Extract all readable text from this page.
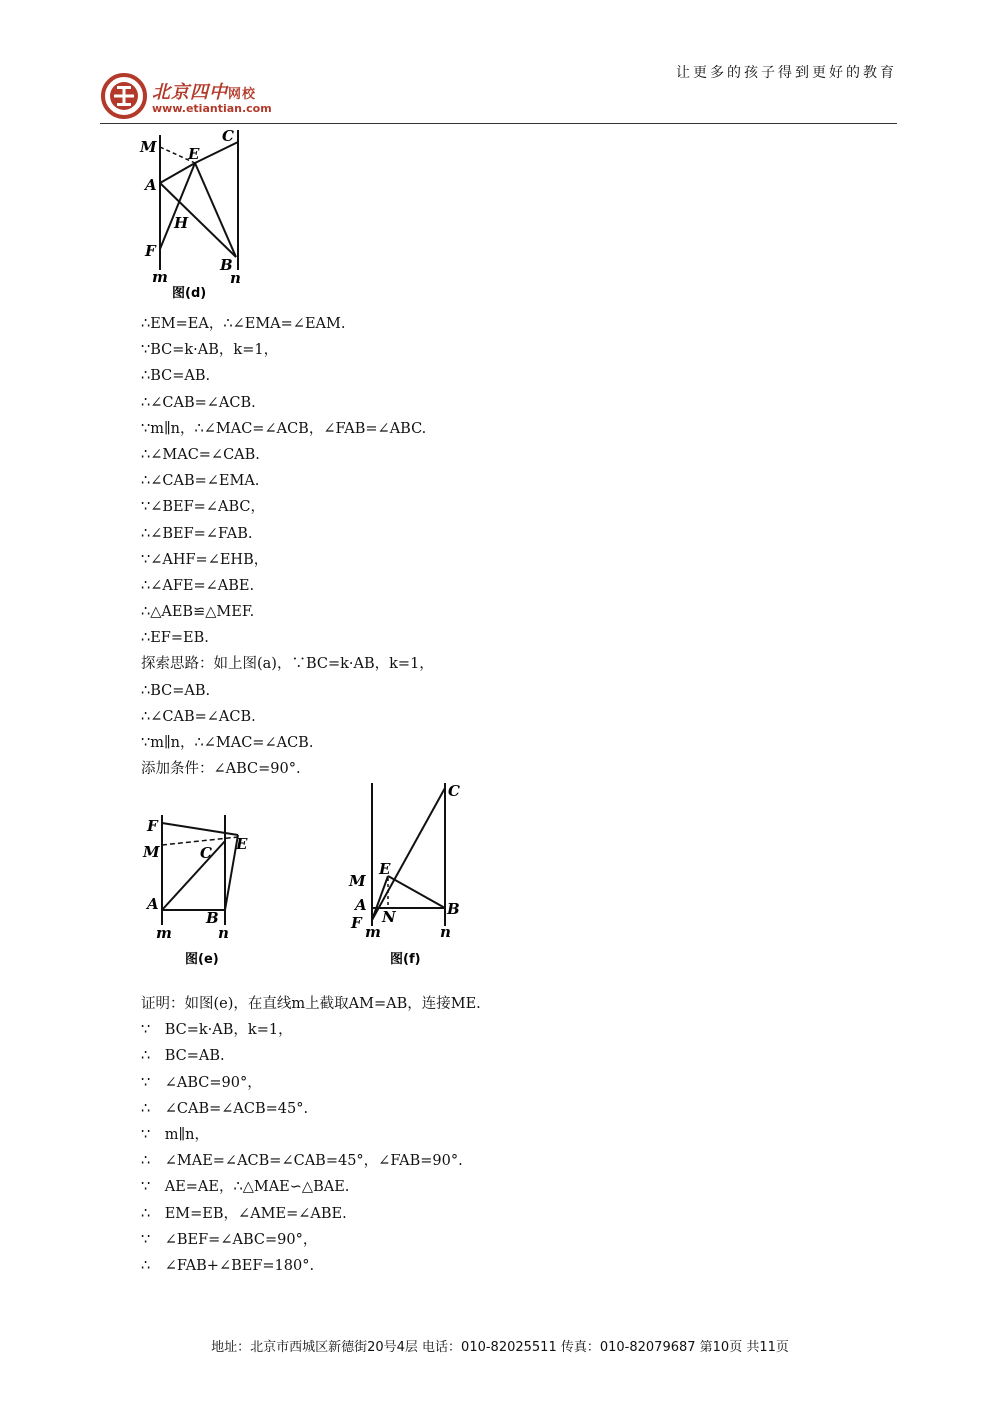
让更多的孩子得到更好的教育
北京四中网校
www.etiantian.com
M E
C
A
H
F
B
m	n
图(d)
∴EM=EA，∴∠EMA=∠EAM.
∵BC=k·AB，k=1，
∴BC=AB.
∴∠CAB=∠ACB.
∵m∥n，∴∠MAC=∠ACB，∠FAB=∠ABC.
∴∠MAC=∠CAB.
∴∠CAB=∠EMA.
∵∠BEF=∠ABC，
∴∠BEF=∠FAB.
∵∠AHF=∠EHB，
∴∠AFE=∠ABE.
∴△AEB≌△MEF.
∴EF=EB.
探索思路：如上图(a)，∵BC=k·AB，k=1，
∴BC=AB.
∴∠CAB=∠ACB.
∵m∥n，∴∠MAC=∠ACB.
添加条件：∠ABC=90°.
F
E
M	C
A
B
m	n
图(e)
C
E
M
A
N	B
F m	n
图(f)
证明：如图(e)，在直线m上截取AM=AB，连接ME.
∵　BC=k·AB，k=1，
∴　BC=AB.
∵　∠ABC=90°，
∴　∠CAB=∠ACB=45°.
∵　m∥n，
∴　∠MAE=∠ACB=∠CAB=45°，∠FAB=90°.
∵　AE=AE，∴△MAE∽△BAE.
∴　EM=EB，∠AME=∠ABE.
∵　∠BEF=∠ABC=90°，
∴　∠FAB+∠BEF=180°.
地址：北京市西城区新德街20号4层 电话：010-82025511 传真：010-82079687 第10页 共11页
